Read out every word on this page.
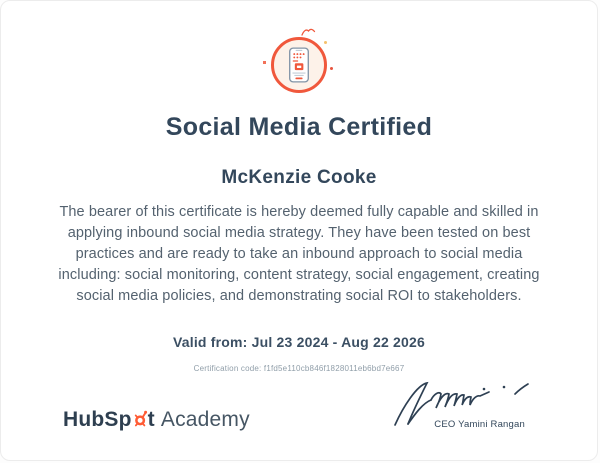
Social Media Certified
McKenzie Cooke

The bearer of this certificate is hereby deemed fully capable and skilled in applying inbound social media strategy. They have been tested on best practices and are ready to take an inbound approach to social media including: social monitoring, content strategy, social engagement, creating social media policies, and demonstrating social ROI to stakeholders.

Valid from: Jul 23 2024 - Aug 22 2026
Certification code: f1fd5e110cb846f1828011eb6bd7e667
HubSp t Academy	CEO Yamini Rangan
